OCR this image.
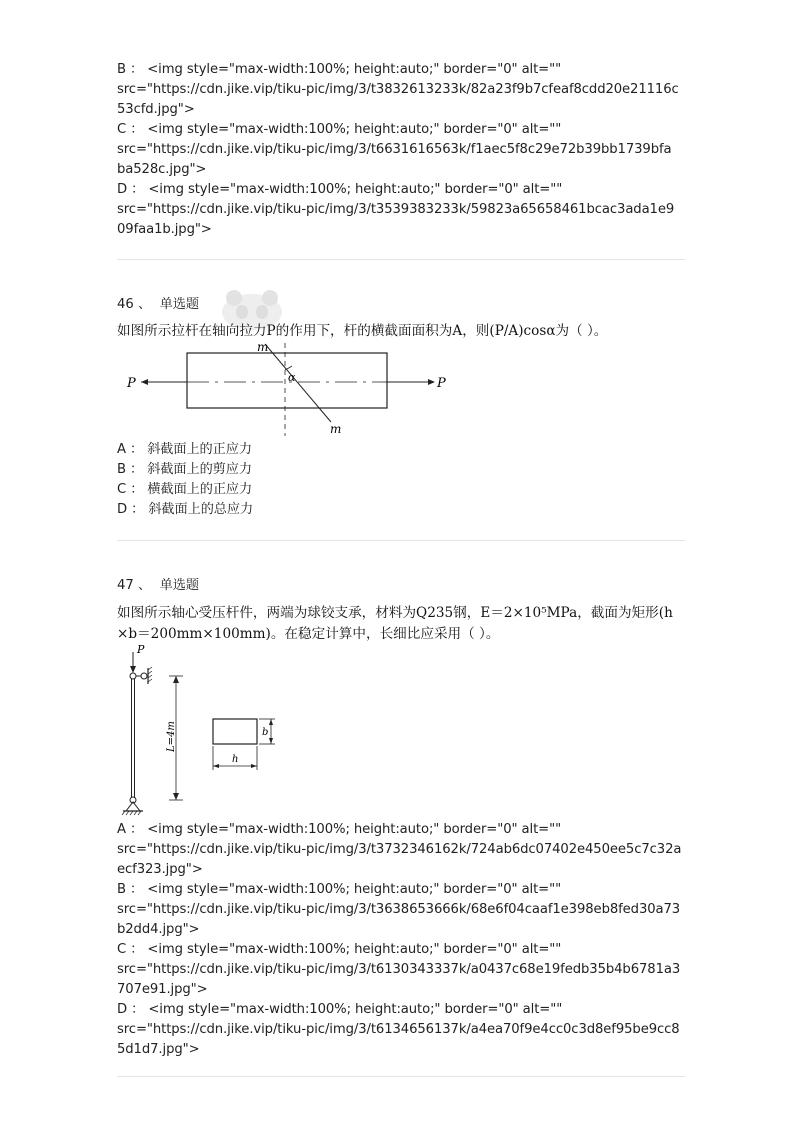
B ： <img style="max-width:100%; height:auto;" border="0" alt=""
src="https://cdn.jike.vip/tiku-pic/img/3/t3832613233k/82a23f9b7cfeaf8cdd20e21116c
53cfd.jpg">

C ： <img style="max-width:100%; height:auto;" border="0" alt=""
src="https://cdn.jike.vip/tiku-pic/img/3/t6631616563k/f1aec5f8c29e72b39bb1739bfa
ba528c.jpg">

D ： <img style="max-width:100%; height:auto;" border="0" alt=""
src="https://cdn.jike.vip/tiku-pic/img/3/t3539383233k/59823a65658461bcac3ada1e9
09faa1b.jpg">

46 、 单选题
如图所示拉杆在轴向拉力P的作用下，杆的横截面面积为A，则(P/A)cosα为（ ）。
P	P
m
m
α

A ： 斜截面上的正应力

B ： 斜截面上的剪应力

C ： 横截面上的正应力

D ： 斜截面上的总应力

47 、 单选题
如图所示轴心受压杆件，两端为球铰支承，材料为Q235钢，E＝2×10⁵MPa，截面为矩形(h
×b＝200mm×100mm)。在稳定计算中，长细比应采用（ ）。
P
L=4m	b
h

A ： <img style="max-width:100%; height:auto;" border="0" alt=""
src="https://cdn.jike.vip/tiku-pic/img/3/t3732346162k/724ab6dc07402e450ee5c7c32a
ecf323.jpg">

B ： <img style="max-width:100%; height:auto;" border="0" alt=""
src="https://cdn.jike.vip/tiku-pic/img/3/t3638653666k/68e6f04caaf1e398eb8fed30a73
b2dd4.jpg">

C ： <img style="max-width:100%; height:auto;" border="0" alt=""
src="https://cdn.jike.vip/tiku-pic/img/3/t6130343337k/a0437c68e19fedb35b4b6781a3
707e91.jpg">

D ： <img style="max-width:100%; height:auto;" border="0" alt=""
src="https://cdn.jike.vip/tiku-pic/img/3/t6134656137k/a4ea70f9e4cc0c3d8ef95be9cc8
5d1d7.jpg">
